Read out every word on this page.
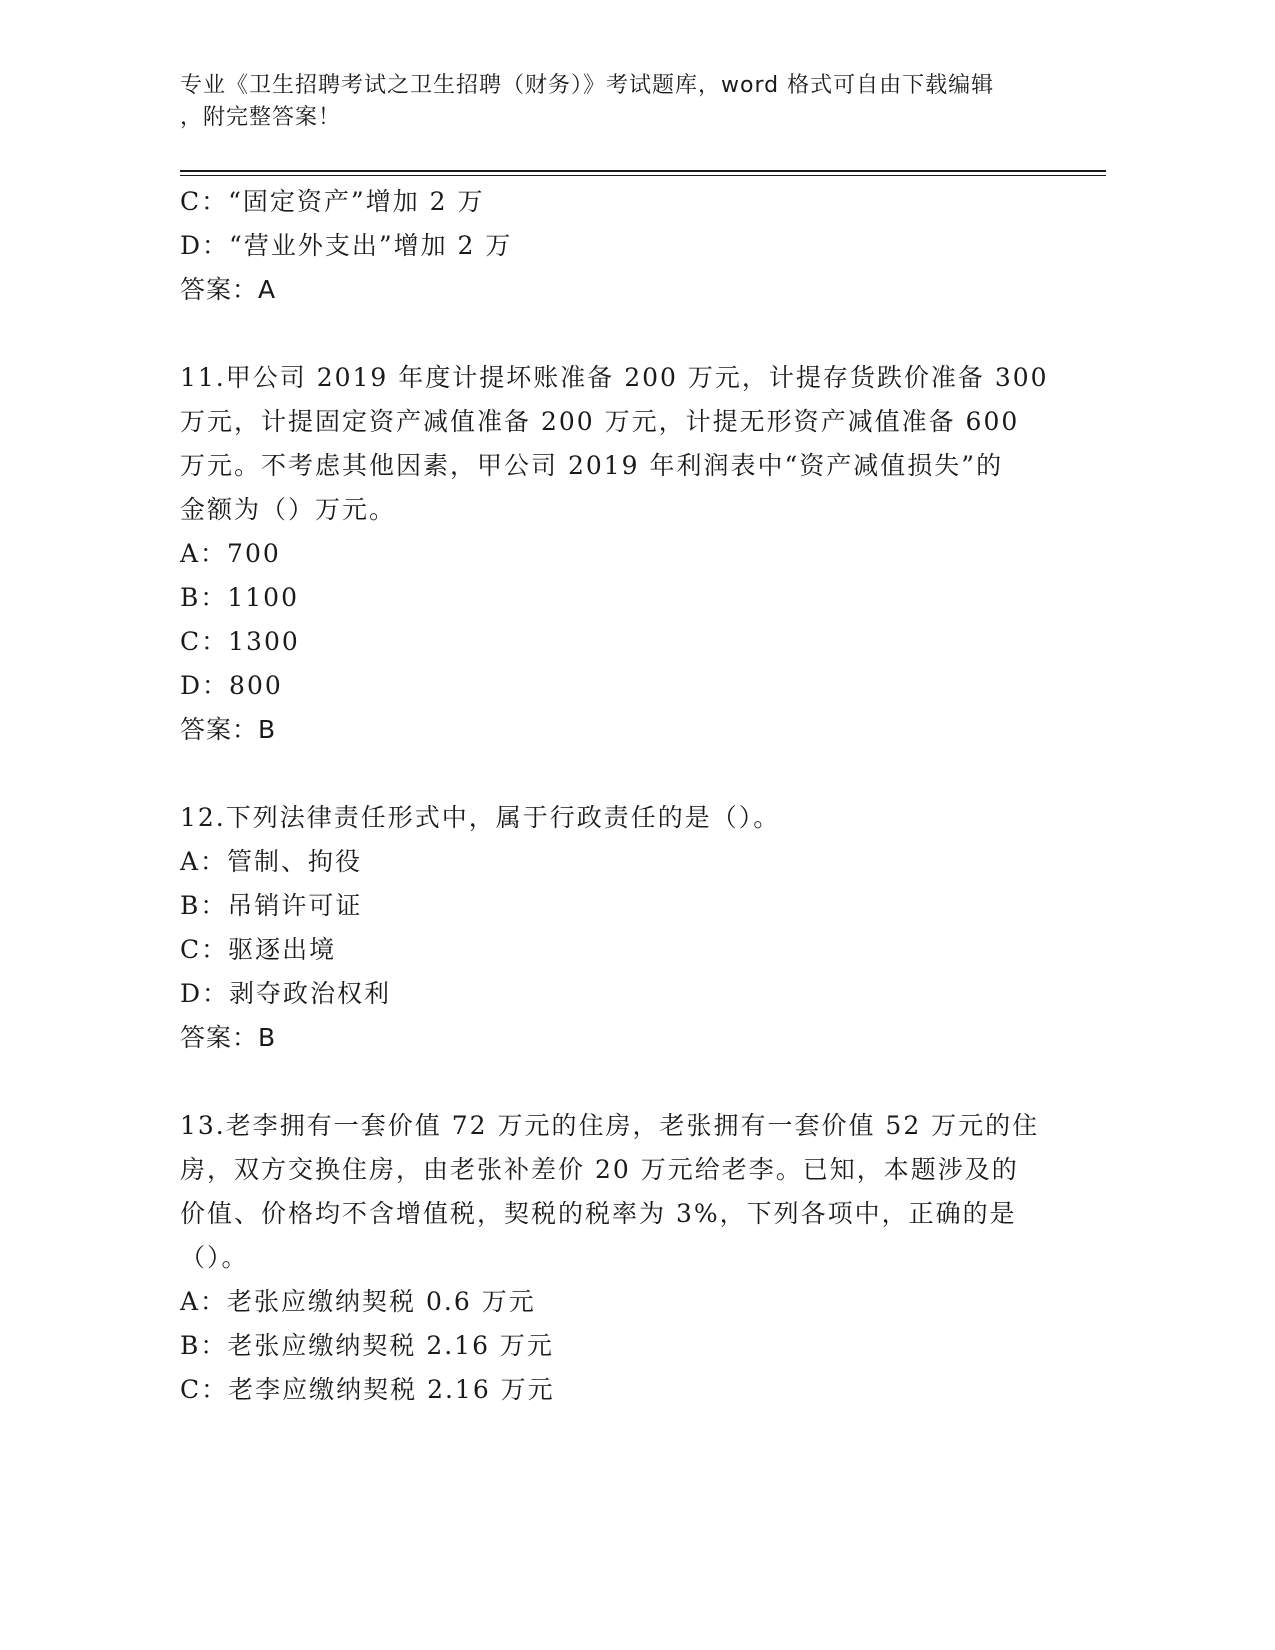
专业《卫生招聘考试之卫生招聘（财务）》考试题库，word 格式可自由下载编辑
，附完整答案！
C：“固定资产”增加 2 万
D：“营业外支出”增加 2 万
答案：A
11.甲公司 2019 年度计提坏账准备 200 万元，计提存货跌价准备 300
万元，计提固定资产减值准备 200 万元，计提无形资产减值准备 600
万元。不考虑其他因素，甲公司 2019 年利润表中“资产减值损失”的
金额为（）万元。
A：700
B：1100
C：1300
D：800
答案：B
12.下列法律责任形式中，属于行政责任的是（）。
A：管制、拘役
B：吊销许可证
C：驱逐出境
D：剥夺政治权利
答案：B
13.老李拥有一套价值 72 万元的住房，老张拥有一套价值 52 万元的住
房，双方交换住房，由老张补差价 20 万元给老李。已知，本题涉及的
价值、价格均不含增值税，契税的税率为 3%，下列各项中，正确的是
（）。
A：老张应缴纳契税 0.6 万元
B：老张应缴纳契税 2.16 万元
C：老李应缴纳契税 2.16 万元
